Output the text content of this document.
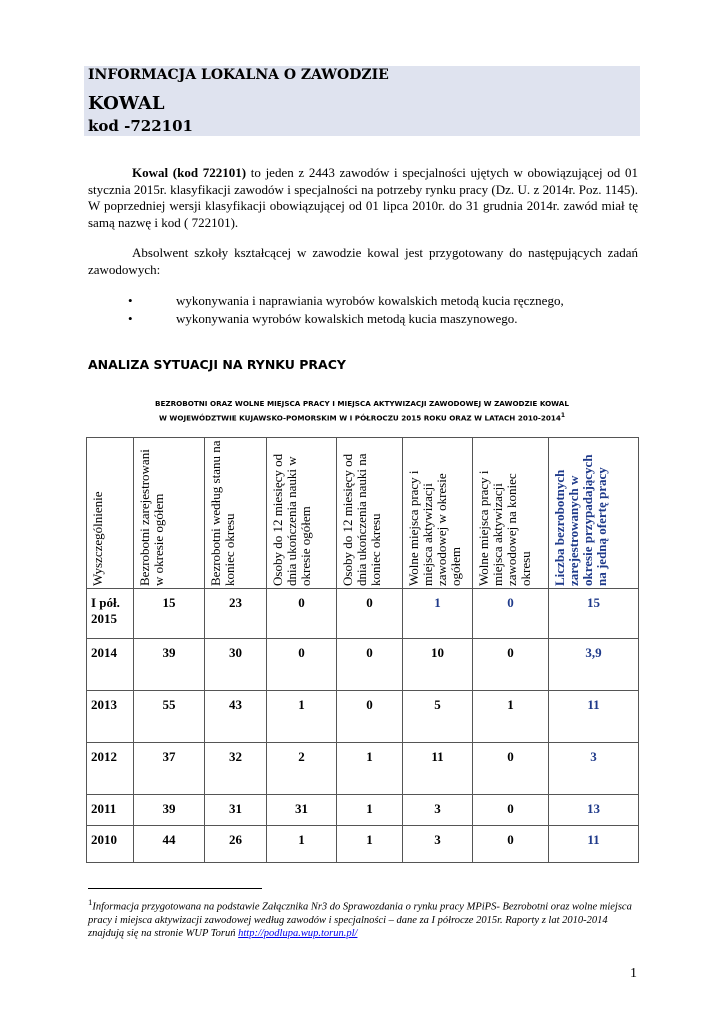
INFORMACJA LOKALNA O ZAWODZIE
KOWAL
kod -722101
Kowal (kod 722101) to jeden z 2443 zawodów i specjalności ujętych w obowiązującej od 01 stycznia 2015r. klasyfikacji zawodów i specjalności na potrzeby rynku pracy (Dz. U. z 2014r. Poz. 1145). W poprzedniej wersji klasyfikacji obowiązującej od 01 lipca 2010r. do 31 grudnia 2014r. zawód miał tę samą nazwę i kod ( 722101).
Absolwent szkoły kształcącej w zawodzie kowal jest przygotowany do następujących zadań zawodowych:
•	wykonywania i naprawiania wyrobów kowalskich metodą kucia ręcznego,
•	wykonywania wyrobów kowalskich metodą kucia maszynowego.
ANALIZA SYTUACJI NA RYNKU PRACY
BEZROBOTNI ORAZ WOLNE MIEJSCA PRACY I MIEJSCA AKTYWIZACJI ZAWODOWEJ W ZAWODZIE KOWAL
W WOJEWÓDZTWIE KUJAWSKO-POMORSKIM W I PÓŁROCZU 2015 ROKU ORAZ W LATACH 2010-2014$^1$
Wyszczególnienie	Bezrobotni zarejestrowani w okresie ogółem	Bezrobotni według stanu na koniec okresu	Osoby do 12 miesięcy od dnia ukończenia nauki w okresie ogółem	Osoby do 12 miesięcy od dnia ukończenia nauki na koniec okresu	Wolne miejsca pracy i miejsca aktywizacji zawodowej w okresie ogółem	Wolne miejsca pracy i miejsca aktywizacji zawodowej na koniec okresu	Liczba bezrobotnych zarejestrowanych w okresie przypadających na jedną ofertę pracy

I pół. 2015	15	23	0	0	1	0	15
2014	39	30	0	0	10	0	3,9
2013	55	43	1	0	5	1	11
2012	37	32	2	1	11	0	3
2011	39	31	31	1	3	0	13
2010	44	26	1	1	3	0	11
$^1$Informacja przygotowana na podstawie Załącznika Nr3 do Sprawozdania o rynku pracy MPiPS- Bezrobotni oraz wolne miejsca pracy i miejsca aktywizacji zawodowej według zawodów i specjalności – dane za I półrocze 2015r. Raporty z lat 2010-2014 znajdują się na stronie WUP Toruń http://podlupa.wup.torun.pl/
1
